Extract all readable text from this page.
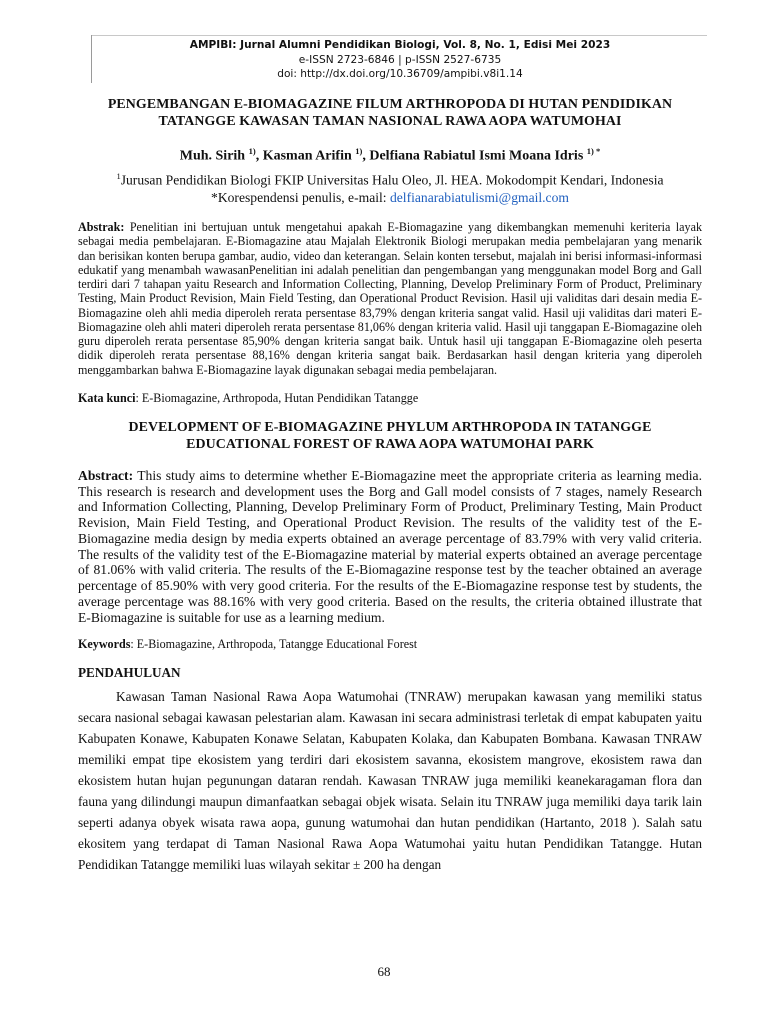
AMPIBI: Jurnal Alumni Pendidikan Biologi, Vol. 8, No. 1, Edisi Mei 2023
e-ISSN 2723-6846 | p-ISSN 2527-6735
doi: http://dx.doi.org/10.36709/ampibi.v8i1.14
PENGEMBANGAN E-BIOMAGAZINE FILUM ARTHROPODA DI HUTAN PENDIDIKAN TATANGGE KAWASAN TAMAN NASIONAL RAWA AOPA WATUMOHAI
Muh. Sirih $^{1)}$, Kasman Arifin $^{1)}$, Delfiana Rabiatul Ismi Moana Idris $^{1) *}$
$^1$Jurusan Pendidikan Biologi FKIP Universitas Halu Oleo, Jl. HEA. Mokodompit Kendari, Indonesia
*Korespendensi penulis, e-mail: delfianarabiatulismi@gmail.com
Abstrak: Penelitian ini bertujuan untuk mengetahui apakah E-Biomagazine yang dikembangkan memenuhi keriteria layak sebagai media pembelajaran. E-Biomagazine atau Majalah Elektronik Biologi merupakan media pembelajaran yang menarik dan berisikan konten berupa gambar, audio, video dan keterangan. Selain konten tersebut, majalah ini berisi informasi-informasi edukatif yang menambah wawasanPenelitian ini adalah penelitian dan pengembangan yang menggunakan model Borg and Gall terdiri dari 7 tahapan yaitu Research and Information Collecting, Planning, Develop Preliminary Form of Product, Preliminary Testing, Main Product Revision, Main Field Testing, dan Operational Product Revision. Hasil uji validitas dari desain media E-Biomagazine oleh ahli media diperoleh rerata persentase 83,79% dengan kriteria sangat valid. Hasil uji validitas dari materi E-Biomagazine oleh ahli materi diperoleh rerata persentase 81,06% dengan kriteria valid. Hasil uji tanggapan E-Biomagazine oleh guru diperoleh rerata persentase 85,90% dengan kriteria sangat baik. Untuk hasil uji tanggapan E-Biomagazine oleh peserta didik diperoleh rerata persentase 88,16% dengan kriteria sangat baik. Berdasarkan hasil dengan kriteria yang diperoleh menggambarkan bahwa E-Biomagazine layak digunakan sebagai media pembelajaran.
Kata kunci: E-Biomagazine, Arthropoda, Hutan Pendidikan Tatangge
DEVELOPMENT OF E-BIOMAGAZINE PHYLUM ARTHROPODA IN TATANGGE EDUCATIONAL FOREST OF RAWA AOPA WATUMOHAI PARK
Abstract: This study aims to determine whether E-Biomagazine meet the appropriate criteria as learning media. This research is research and development uses the Borg and Gall model consists of 7 stages, namely Research and Information Collecting, Planning, Develop Preliminary Form of Product, Preliminary Testing, Main Product Revision, Main Field Testing, and Operational Product Revision. The results of the validity test of the E-Biomagazine media design by media experts obtained an average percentage of 83.79% with very valid criteria. The results of the validity test of the E-Biomagazine material by material experts obtained an average percentage of 81.06% with valid criteria. The results of the E-Biomagazine response test by the teacher obtained an average percentage of 85.90% with very good criteria. For the results of the E-Biomagazine response test by students, the average percentage was 88.16% with very good criteria. Based on the results, the criteria obtained illustrate that E-Biomagazine is suitable for use as a learning medium.
Keywords: E-Biomagazine, Arthropoda, Tatangge Educational Forest
PENDAHULUAN

Kawasan Taman Nasional Rawa Aopa Watumohai (TNRAW) merupakan kawasan yang memiliki status secara nasional sebagai kawasan pelestarian alam. Kawasan ini secara administrasi terletak di empat kabupaten yaitu Kabupaten Konawe, Kabupaten Konawe Selatan, Kabupaten Kolaka, dan Kabupaten Bombana. Kawasan TNRAW memiliki empat tipe ekosistem yang terdiri dari ekosistem savanna, ekosistem mangrove, ekosistem rawa dan ekosistem hutan hujan pegunungan dataran rendah. Kawasan TNRAW juga memiliki keanekaragaman flora dan fauna yang dilindungi maupun dimanfaatkan sebagai objek wisata. Selain itu TNRAW juga memiliki daya tarik lain seperti adanya obyek wisata rawa aopa, gunung watumohai dan hutan pendidikan (Hartanto, 2018 ). Salah satu ekositem yang terdapat di Taman Nasional Rawa Aopa Watumohai yaitu hutan Pendidikan Tatangge. Hutan Pendidikan Tatangge memiliki luas wilayah sekitar ± 200 ha dengan

68
